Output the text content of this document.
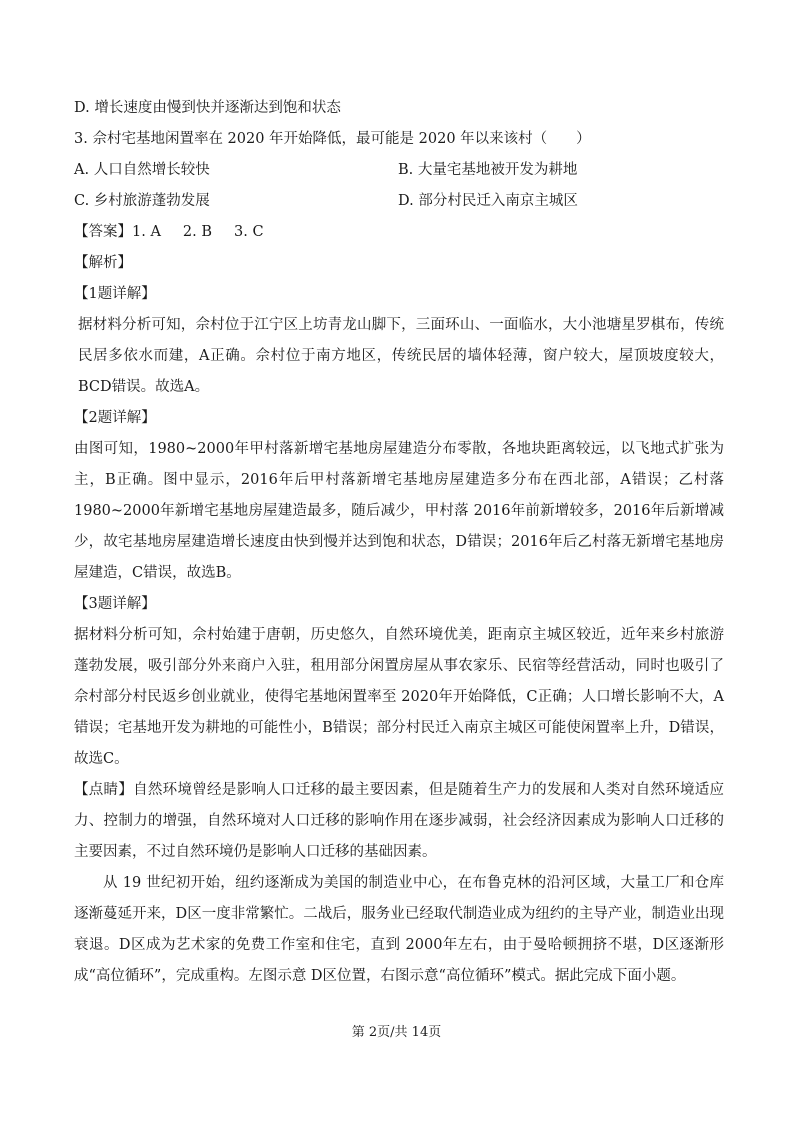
D. 增长速度由慢到快并逐渐达到饱和状态
3. 佘村宅基地闲置率在 2020 年开始降低，最可能是 2020 年以来该村（　　）
A. 人口自然增长较快	B. 大量宅基地被开发为耕地
C. 乡村旅游蓬勃发展	D. 部分村民迁入南京主城区
【答案】1. A 2. B 3. C
【解析】
【1题详解】
据材料分析可知，佘村位于江宁区上坊青龙山脚下，三面环山、一面临水，大小池塘星罗棋布，传统民居多依水而建，A正确。佘村位于南方地区，传统民居的墙体轻薄，窗户较大，屋顶坡度较大，BCD错误。故选A。
【2题详解】
由图可知，1980~2000年甲村落新增宅基地房屋建造分布零散，各地块距离较远，以飞地式扩张为主，B正确。图中显示，2016年后甲村落新增宅基地房屋建造多分布在西北部，A错误；乙村落 1980~2000年新增宅基地房屋建造最多，随后减少，甲村落 2016年前新增较多，2016年后新增减少，故宅基地房屋建造增长速度由快到慢并达到饱和状态，D错误；2016年后乙村落无新增宅基地房屋建造，C错误，故选B。
【3题详解】
据材料分析可知，佘村始建于唐朝，历史悠久，自然环境优美，距南京主城区较近，近年来乡村旅游蓬勃发展，吸引部分外来商户入驻，租用部分闲置房屋从事农家乐、民宿等经营活动，同时也吸引了佘村部分村民返乡创业就业，使得宅基地闲置率至 2020年开始降低，C正确；人口增长影响不大，A错误；宅基地开发为耕地的可能性小，B错误；部分村民迁入南京主城区可能使闲置率上升，D错误，故选C。
【点睛】自然环境曾经是影响人口迁移的最主要因素，但是随着生产力的发展和人类对自然环境适应力、控制力的增强，自然环境对人口迁移的影响作用在逐步减弱，社会经济因素成为影响人口迁移的主要因素，不过自然环境仍是影响人口迁移的基础因素。
从 19 世纪初开始，纽约逐渐成为美国的制造业中心，在布鲁克林的沿河区域，大量工厂和仓库逐渐蔓延开来，D区一度非常繁忙。二战后，服务业已经取代制造业成为纽约的主导产业，制造业出现衰退。D区成为艺术家的免费工作室和住宅，直到 2000年左右，由于曼哈顿拥挤不堪，D区逐渐形成“高位循环”，完成重构。左图示意 D区位置，右图示意“高位循环”模式。据此完成下面小题。
第 2页/共 14页
